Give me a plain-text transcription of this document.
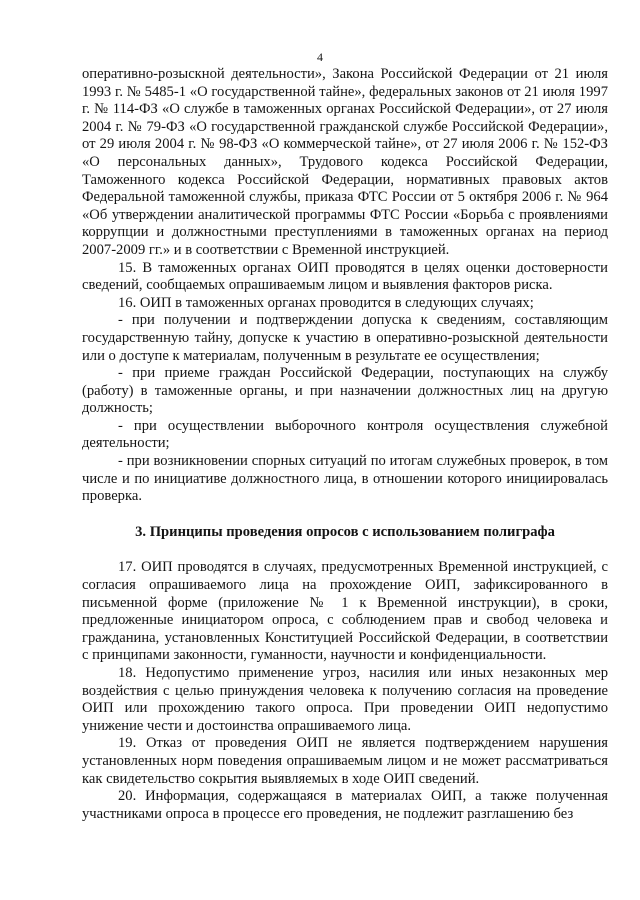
4

оперативно-розыскной деятельности», Закона Российской Федерации от 21 июля 1993 г. № 5485-1 «О государственной тайне», федеральных законов от 21 июля 1997 г. № 114-ФЗ «О службе в таможенных органах Российской Федерации», от 27 июля 2004 г. № 79-ФЗ «О государственной гражданской службе Российской Федерации», от 29 июля 2004 г. № 98-ФЗ «О коммерческой тайне», от 27 июля 2006 г. № 152-ФЗ «О персональных данных», Трудового кодекса Российской Федерации, Таможенного кодекса Российской Федерации, нормативных правовых актов Федеральной таможенной службы, приказа ФТС России от 5 октября 2006 г. № 964 «Об утверждении аналитической программы ФТС России «Борьба с проявлениями коррупции и должностными преступлениями в таможенных органах на период 2007-2009 гг.» и в соответствии с Временной инструкцией.

15. В таможенных органах ОИП проводятся в целях оценки достоверности сведений, сообщаемых опрашиваемым лицом и выявления факторов риска.

16. ОИП в таможенных органах проводится в следующих случаях;

- при получении и подтверждении допуска к сведениям, составляющим государственную тайну, допуске к участию в оперативно-розыскной деятельности или о доступе к материалам, полученным в результате ее осуществления;

- при приеме граждан Российской Федерации, поступающих на службу (работу) в таможенные органы, и при назначении должностных лиц на другую должность;

- при осуществлении выборочного контроля осуществления служебной деятельности;

- при возникновении спорных ситуаций по итогам служебных проверок, в том числе и по инициативе должностного лица, в отношении которого инициировалась проверка.

3. Принципы проведения опросов с использованием полиграфа

17. ОИП проводятся в случаях, предусмотренных Временной инструкцией, с согласия опрашиваемого лица на прохождение ОИП, зафиксированного в письменной форме (приложение № 1 к Временной инструкции), в сроки, предложенные инициатором опроса, с соблюдением прав и свобод человека и гражданина, установленных Конституцией Российской Федерации, в соответствии с принципами законности, гуманности, научности и конфиденциальности.

18. Недопустимо применение угроз, насилия или иных незаконных мер воздействия с целью принуждения человека к получению согласия на проведение ОИП или прохождению такого опроса. При проведении ОИП недопустимо унижение чести и достоинства опрашиваемого лица.

19. Отказ от проведения ОИП не является подтверждением нарушения установленных норм поведения опрашиваемым лицом и не может рассматриваться как свидетельство сокрытия выявляемых в ходе ОИП сведений.

20. Информация, содержащаяся в материалах ОИП, а также полученная участниками опроса в процессе его проведения, не подлежит разглашению без
